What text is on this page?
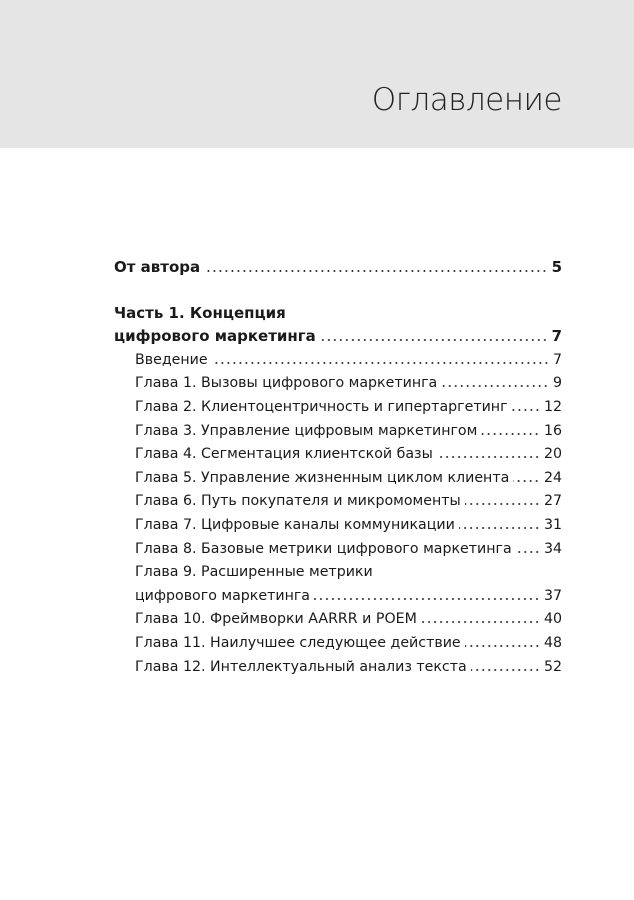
Оглавление
От автора	5
Часть 1. Концепция
цифрового маркетинга	7
Введение	7
Глава 1. Вызовы цифрового маркетинга	9
Глава 2. Клиентоцентричность и гипертаргетинг	12
Глава 3. Управление цифровым маркетингом	16
Глава 4. Сегментация клиентской базы	20
Глава 5. Управление жизненным циклом клиента 24
Глава 6. Путь покупателя и микромоменты	27
Глава 7. Цифровые каналы коммуникации	31
Глава 8. Базовые метрики цифрового маркетинга 34
Глава 9. Расширенные метрики
цифрового маркетинга	37
Глава 10. Фреймворки AARRR и POEM	40
Глава 11. Наилучшее следующее действие	48
Глава 12. Интеллектуальный анализ текста	52
